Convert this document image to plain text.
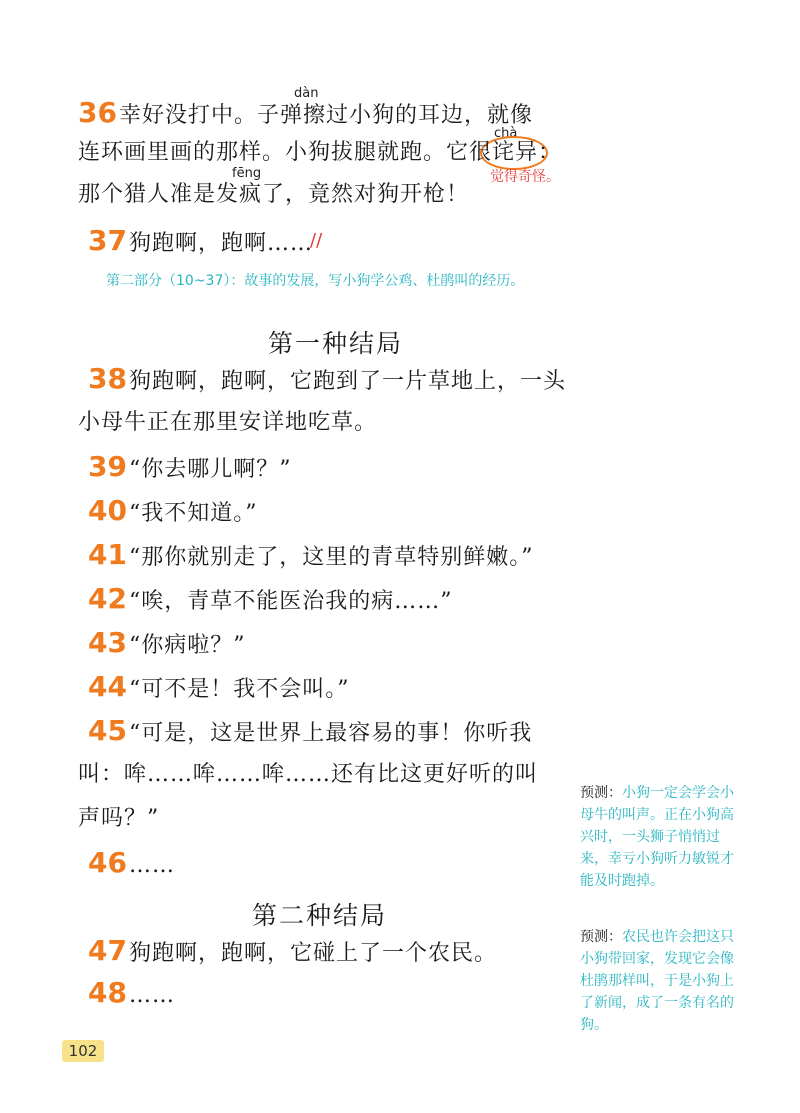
dàn
36幸好没打中。子弹擦过小狗的耳边，就像
chà
连环画里画的那样。小狗拔腿就跑。它很诧异：
觉得奇怪。
fēng
那个猎人准是发疯了，竟然对狗开枪！
37狗跑啊，跑啊……
//
第二部分（10~37）：故事的发展，写小狗学公鸡、杜鹃叫的经历。
第一种结局
38狗跑啊，跑啊，它跑到了一片草地上，一头
小母牛正在那里安详地吃草。
39“你去哪儿啊？”
40“我不知道。”
41“那你就别走了，这里的青草特别鲜嫩。”
42“唉，青草不能医治我的病……”
43“你病啦？”
44“可不是！我不会叫。”
45“可是，这是世界上最容易的事！你听我
叫：哞……哞……哞……还有比这更好听的叫
声吗？”
46……
第二种结局
47狗跑啊，跑啊，它碰上了一个农民。
48……
预测：小狗一定会学会小母牛的叫声。正在小狗高兴时，一头狮子悄悄过来，幸亏小狗听力敏锐才能及时跑掉。
预测：农民也许会把这只小狗带回家，发现它会像杜鹃那样叫，于是小狗上了新闻，成了一条有名的狗。
102
